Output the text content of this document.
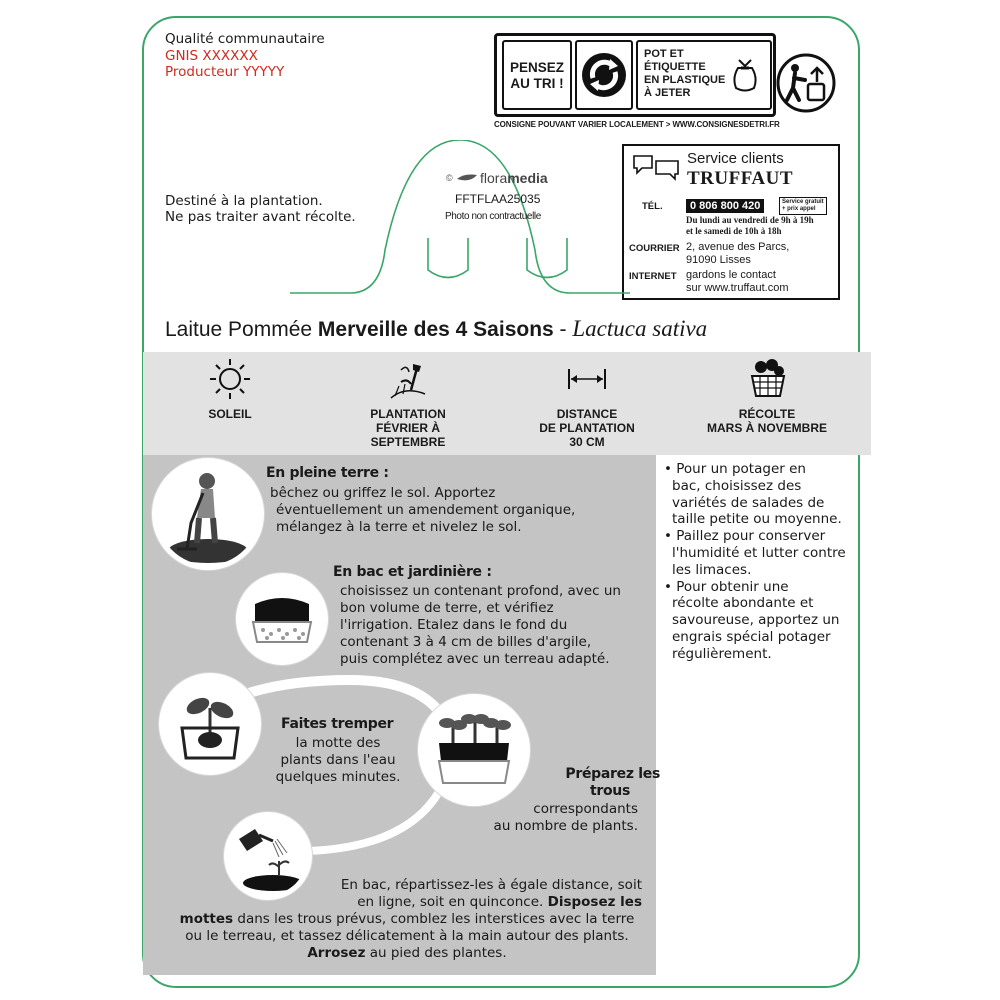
Qualité communautaire
GNIS XXXXXX
Producteur YYYYY	PENSEZ
AU TRI !
POT ET
ÉTIQUETTE
EN PLASTIQUE
À JETER
CONSIGNE POUVANT VARIER LOCALEMENT > WWW.CONSIGNESDETRI.FR
Service clients
TRUFFAUT
TÉL.	0 806 800 420	Service gratuit
+ prix appel
Du lundi au vendredi de 9h à 19h
et le samedi de 10h à 18h
COURRIER 2, avenue des Parcs,
91090 Lisses
INTERNET gardons le contact
sur www.truffaut.com
Destiné à la plantation.
Ne pas traiter avant récolte.
© floramedia
FFTFLAA25035
Photo non contractuelle
Laitue Pommée Merveille des 4 Saisons - Lactuca sativa
SOLEIL	PLANTATION
FÉVRIER À
SEPTEMBRE
DISTANCE
DE PLANTATION
30 CM
RÉCOLTE
MARS À NOVEMBRE
En pleine terre :

bêchez ou griffez le sol. Apportez

éventuellement un amendement organique,

mélangez à la terre et nivelez le sol.

En bac et jardinière :

choisissez un contenant profond, avec un

bon volume de terre, et vérifiez

l'irrigation. Etalez dans le fond du

contenant 3 à 4 cm de billes d'argile,

puis complétez avec un terreau adapté.

Faites tremper

la motte des

plants dans l'eau

quelques minutes.	Préparez les
trous

correspondants

au nombre de plants.

En bac, répartissez-les à égale distance, soit

en ligne, soit en quinconce. Disposez les

mottes dans les trous prévus, comblez les interstices avec la terre

ou le terreau, et tassez délicatement à la main autour des plants.

Arrosez au pied des plantes.

• Pour un potager en
bac, choisissez des
variétés de salades de
taille petite ou moyenne.
• Paillez pour conserver
l'humidité et lutter contre
les limaces.
• Pour obtenir une
récolte abondante et
savoureuse, apportez un
engrais spécial potager
régulièrement.
